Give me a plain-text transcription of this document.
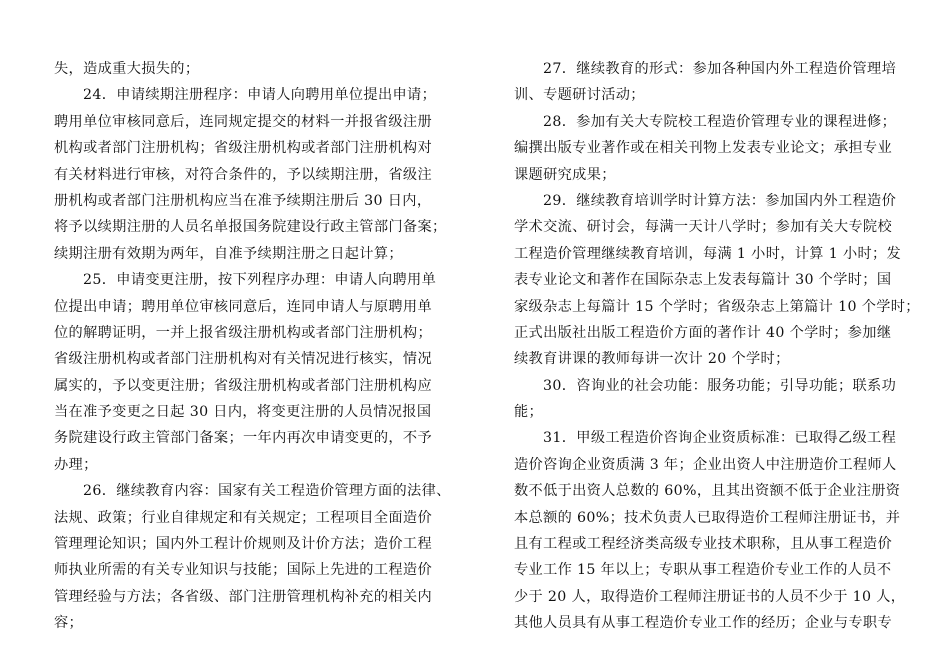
失，造成重大损失的；
24．申请续期注册程序：申请人向聘用单位提出申请；
聘用单位审核同意后，连同规定提交的材料一并报省级注册
机构或者部门注册机构；省级注册机构或者部门注册机构对
有关材料进行审核，对符合条件的，予以续期注册，省级注
册机构或者部门注册机构应当在准予续期注册后 30 日内，
将予以续期注册的人员名单报国务院建设行政主管部门备案；
续期注册有效期为两年，自准予续期注册之日起计算；
25．申请变更注册，按下列程序办理：申请人向聘用单
位提出申请；聘用单位审核同意后，连同申请人与原聘用单
位的解聘证明，一并上报省级注册机构或者部门注册机构；
省级注册机构或者部门注册机构对有关情况进行核实，情况
属实的，予以变更注册；省级注册机构或者部门注册机构应
当在准予变更之日起 30 日内，将变更注册的人员情况报国
务院建设行政主管部门备案；一年内再次申请变更的，不予
办理；
26．继续教育内容：国家有关工程造价管理方面的法律、
法规、政策；行业自律规定和有关规定；工程项目全面造价
管理理论知识；国内外工程计价规则及计价方法；造价工程
师执业所需的有关专业知识与技能；国际上先进的工程造价
管理经验与方法；各省级、部门注册管理机构补充的相关内
容；
27．继续教育的形式：参加各种国内外工程造价管理培
训、专题研讨活动；
28．参加有关大专院校工程造价管理专业的课程进修；
编撰出版专业著作或在相关刊物上发表专业论文；承担专业
课题研究成果；
29．继续教育培训学时计算方法：参加国内外工程造价
学术交流、研讨会，每满一天计八学时；参加有关大专院校
工程造价管理继续教育培训，每满 1 小时，计算 1 小时；发
表专业论文和著作在国际杂志上发表每篇计 30 个学时；国
家级杂志上每篇计 15 个学时；省级杂志上第篇计 10 个学时；
正式出版社出版工程造价方面的著作计 40 个学时；参加继
续教育讲课的教师每讲一次计 20 个学时；
30．咨询业的社会功能：服务功能；引导功能；联系功
能；
31．甲级工程造价咨询企业资质标准：已取得乙级工程
造价咨询企业资质满 3 年；企业出资人中注册造价工程师人
数不低于出资人总数的 60%，且其出资额不低于企业注册资
本总额的 60%；技术负责人已取得造价工程师注册证书，并
且有工程或工程经济类高级专业技术职称，且从事工程造价
专业工作 15 年以上；专职从事工程造价专业工作的人员不
少于 20 人，取得造价工程师注册证书的人员不少于 10 人，
其他人员具有从事工程造价专业工作的经历；企业与专职专
